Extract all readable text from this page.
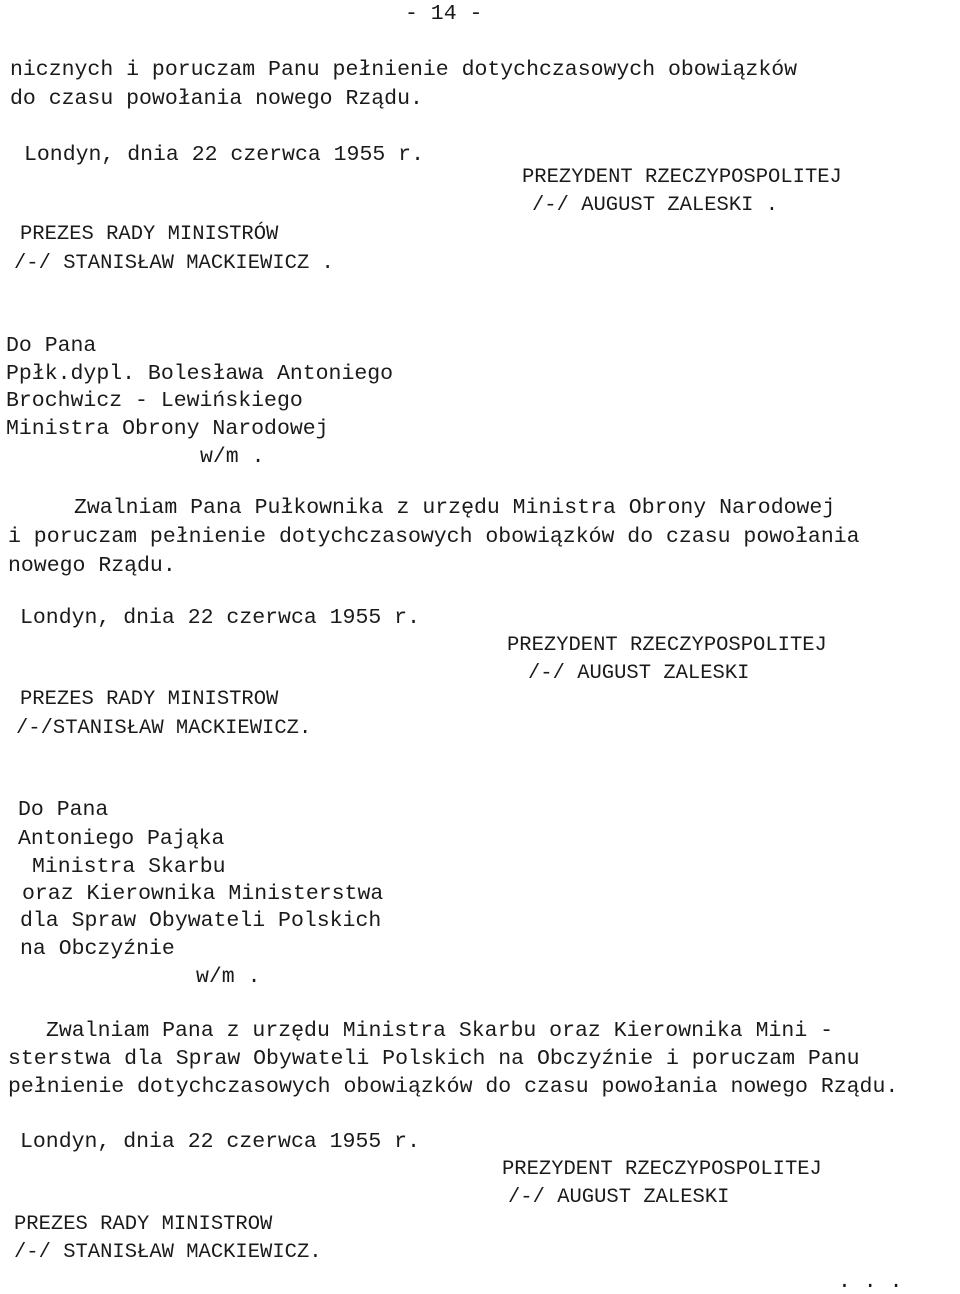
- 14 -

nicznych i poruczam Panu pełnienie dotychczasowych obowiązków

do czasu powołania nowego Rządu.

Londyn, dnia 22 czerwca 1955 r.

PREZYDENT RZECZYPOSPOLITEJ

/-/ AUGUST ZALESKI .

PREZES RADY MINISTRÓW

/-/ STANISŁAW MACKIEWICZ .

Do Pana

Ppłk.dypl. Bolesława Antoniego

Brochwicz - Lewińskiego

Ministra Obrony Narodowej

w/m .

Zwalniam Pana Pułkownika z urzędu Ministra Obrony Narodowej

i poruczam pełnienie dotychczasowych obowiązków do czasu powołania

nowego Rządu.

Londyn, dnia 22 czerwca 1955 r.

PREZYDENT RZECZYPOSPOLITEJ

/-/ AUGUST ZALESKI

PREZES RADY MINISTROW

/-/STANISŁAW MACKIEWICZ.

Do Pana

Antoniego Pająka

Ministra Skarbu

oraz Kierownika Ministerstwa

dla Spraw Obywateli Polskich

na Obczyźnie

w/m .

Zwalniam Pana z urzędu Ministra Skarbu oraz Kierownika Mini -

sterstwa dla Spraw Obywateli Polskich na Obczyźnie i poruczam Panu

pełnienie dotychczasowych obowiązków do czasu powołania nowego Rządu.

Londyn, dnia 22 czerwca 1955 r.

PREZYDENT RZECZYPOSPOLITEJ

/-/ AUGUST ZALESKI

PREZES RADY MINISTROW

/-/ STANISŁAW MACKIEWICZ.

. . .
